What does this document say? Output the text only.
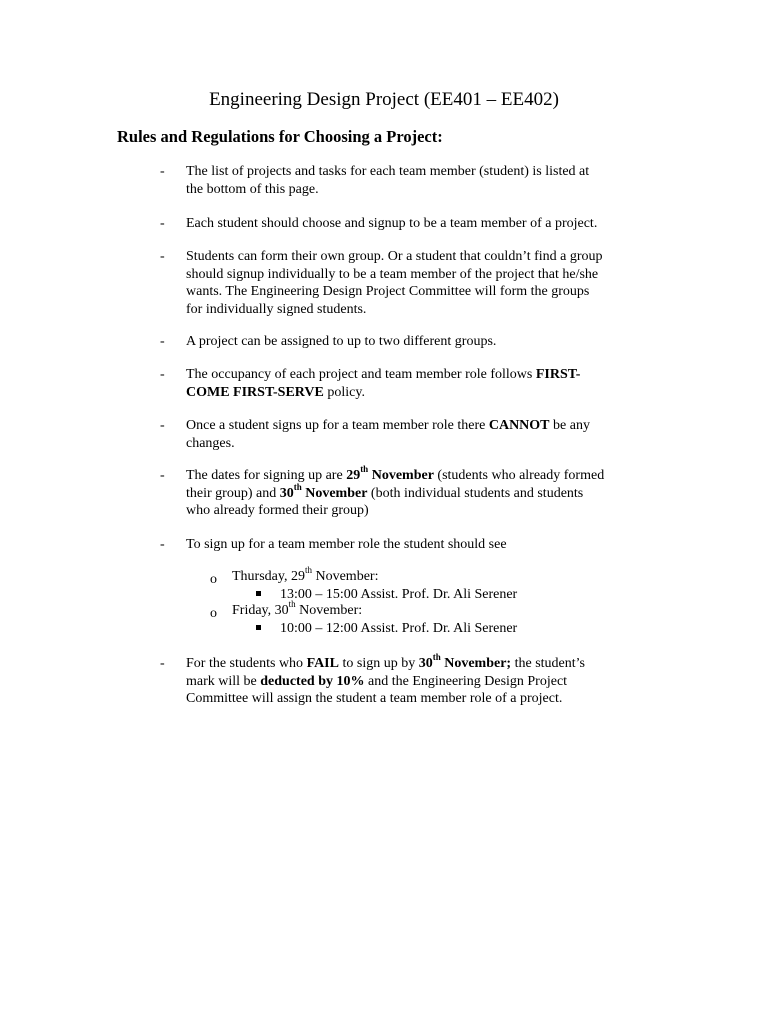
Engineering Design Project (EE401 – EE402)
Rules and Regulations for Choosing a Project:
-	The list of projects and tasks for each team member (student) is listed at
the bottom of this page.
-	Each student should choose and signup to be a team member of a project.
-	Students can form their own group. Or a student that couldn’t find a group
should signup individually to be a team member of the project that he/she
wants. The Engineering Design Project Committee will form the groups
for individually signed students.
-	A project can be assigned to up to two different groups.
-	The occupancy of each project and team member role follows FIRST-
COME FIRST-SERVE policy.
-	Once a student signs up for a team member role there CANNOT be any
changes.
-	The dates for signing up are 29th November (students who already formed
their group) and 30th November (both individual students and students
who already formed their group)
-	To sign up for a team member role the student should see
o	Thursday, 29th November:
13:00 – 15:00 Assist. Prof. Dr. Ali Serener
o	Friday, 30th November:
10:00 – 12:00 Assist. Prof. Dr. Ali Serener
-	For the students who FAIL to sign up by 30th November; the student’s
mark will be deducted by 10% and the Engineering Design Project
Committee will assign the student a team member role of a project.
